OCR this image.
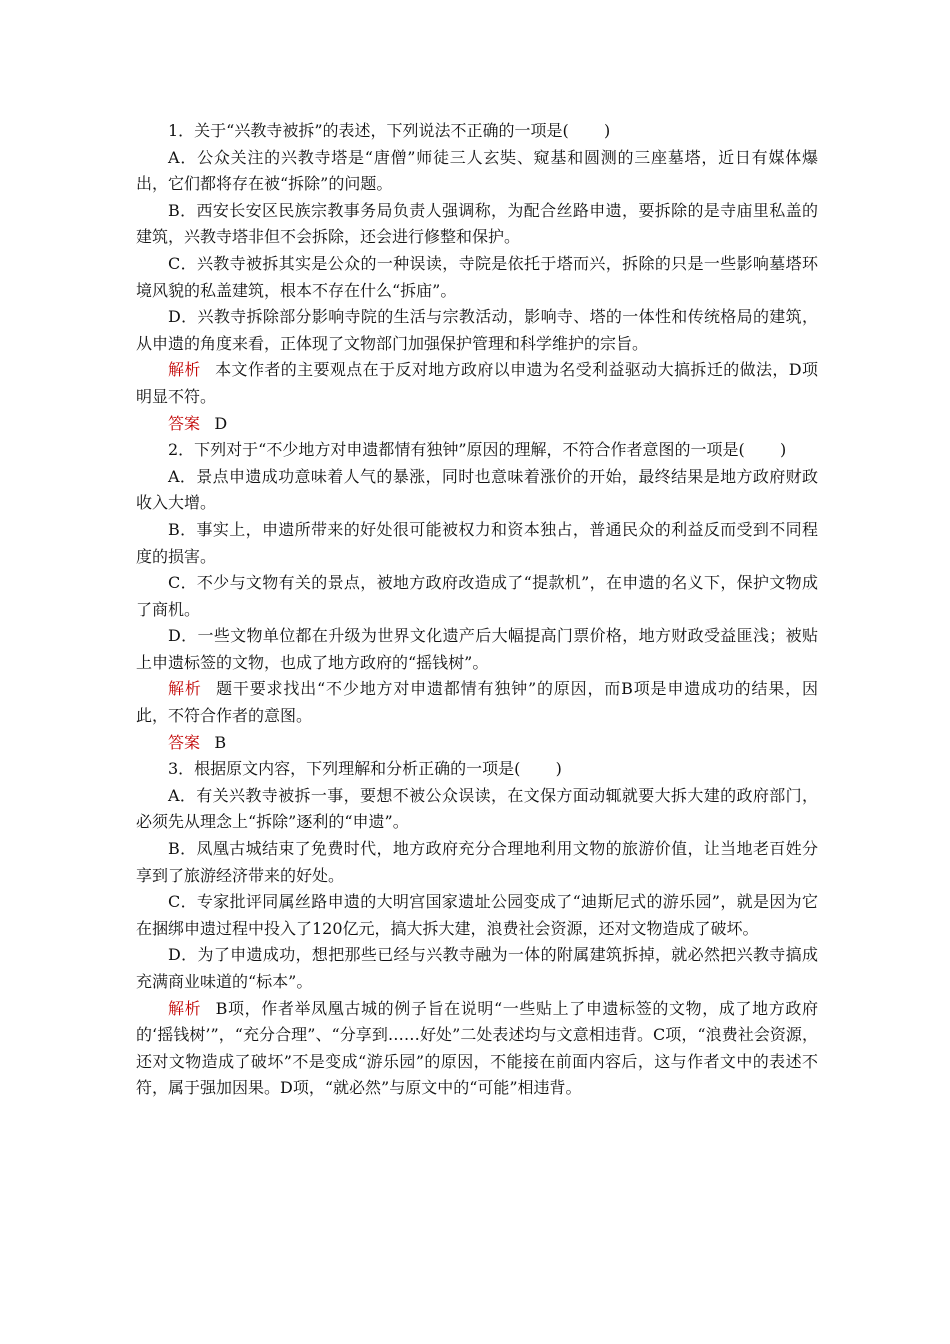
1．关于“兴教寺被拆”的表述，下列说法不正确的一项是( )

A．公众关注的兴教寺塔是“唐僧”师徒三人玄奘、窥基和圆测的三座墓塔，近日有媒体爆出，它们都将存在被“拆除”的问题。

B．西安长安区民族宗教事务局负责人强调称，为配合丝路申遗，要拆除的是寺庙里私盖的建筑，兴教寺塔非但不会拆除，还会进行修整和保护。

C．兴教寺被拆其实是公众的一种误读，寺院是依托于塔而兴，拆除的只是一些影响墓塔环境风貌的私盖建筑，根本不存在什么“拆庙”。

D．兴教寺拆除部分影响寺院的生活与宗教活动，影响寺、塔的一体性和传统格局的建筑，从申遗的角度来看，正体现了文物部门加强保护管理和科学维护的宗旨。

解析 本文作者的主要观点在于反对地方政府以申遗为名受利益驱动大搞拆迁的做法，D项明显不符。

答案 D

2．下列对于“不少地方对申遗都情有独钟”原因的理解，不符合作者意图的一项是( )

A．景点申遗成功意味着人气的暴涨，同时也意味着涨价的开始，最终结果是地方政府财政收入大增。

B．事实上，申遗所带来的好处很可能被权力和资本独占，普通民众的利益反而受到不同程度的损害。

C．不少与文物有关的景点，被地方政府改造成了“提款机”，在申遗的名义下，保护文物成了商机。

D．一些文物单位都在升级为世界文化遗产后大幅提高门票价格，地方财政受益匪浅；被贴上申遗标签的文物，也成了地方政府的“摇钱树”。

解析 题干要求找出“不少地方对申遗都情有独钟”的原因，而B项是申遗成功的结果，因此，不符合作者的意图。

答案 B

3．根据原文内容，下列理解和分析正确的一项是( )

A．有关兴教寺被拆一事，要想不被公众误读，在文保方面动辄就要大拆大建的政府部门，必须先从理念上“拆除”逐利的“申遗”。

B．凤凰古城结束了免费时代，地方政府充分合理地利用文物的旅游价值，让当地老百姓分享到了旅游经济带来的好处。

C．专家批评同属丝路申遗的大明宫国家遗址公园变成了“迪斯尼式的游乐园”，就是因为它在捆绑申遗过程中投入了120亿元，搞大拆大建，浪费社会资源，还对文物造成了破坏。

D．为了申遗成功，想把那些已经与兴教寺融为一体的附属建筑拆掉，就必然把兴教寺搞成充满商业味道的“标本”。

解析 B项，作者举凤凰古城的例子旨在说明“一些贴上了申遗标签的文物，成了地方政府的‘摇钱树’”，“充分合理”、“分享到……好处”二处表述均与文意相违背。C项，“浪费社会资源，还对文物造成了破坏”不是变成“游乐园”的原因，不能接在前面内容后，这与作者文中的表述不符，属于强加因果。D项，“就必然”与原文中的“可能”相违背。
